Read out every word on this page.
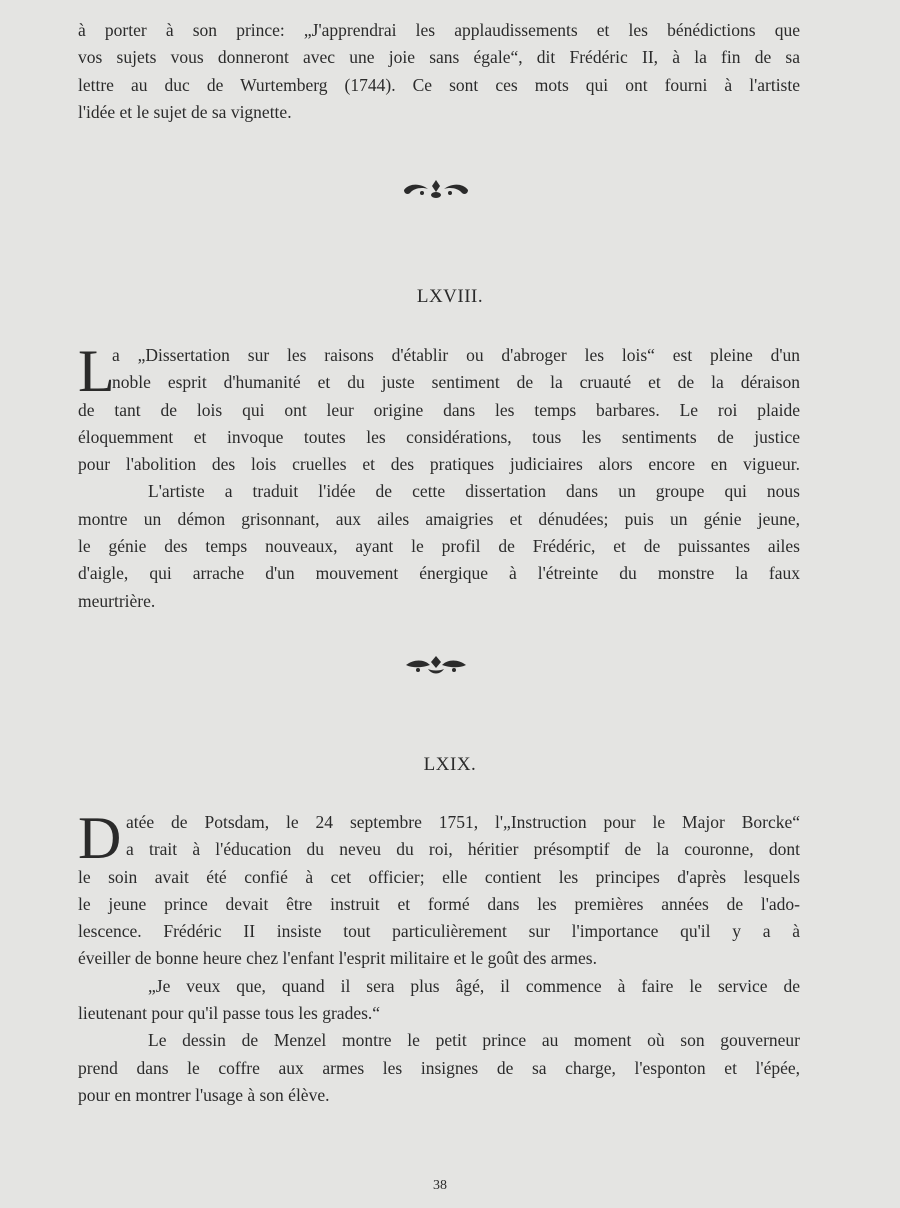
à porter à son prince: „J'apprendrai les applaudissements et les bénédictions que
vos sujets vous donneront avec une joie sans égale“, dit Frédéric II, à la fin de sa
lettre au duc de Wurtemberg (1744). Ce sont ces mots qui ont fourni à l'artiste
l'idée et le sujet de sa vignette.
LXVIII.
L
a „Dissertation sur les raisons d'établir ou d'abroger les lois“ est pleine d'un
noble esprit d'humanité et du juste sentiment de la cruauté et de la déraison
de tant de lois qui ont leur origine dans les temps barbares. Le roi plaide
éloquemment et invoque toutes les considérations, tous les sentiments de justice
pour l'abolition des lois cruelles et des pratiques judiciaires alors encore en vigueur.
L'artiste a traduit l'idée de cette dissertation dans un groupe qui nous
montre un démon grisonnant, aux ailes amaigries et dénudées; puis un génie jeune,
le génie des temps nouveaux, ayant le profil de Frédéric, et de puissantes ailes
d'aigle, qui arrache d'un mouvement énergique à l'étreinte du monstre la faux
meurtrière.
LXIX.
D atée de Potsdam, le 24 septembre 1751, l'„Instruction pour le Major Borcke“
a trait à l'éducation du neveu du roi, héritier présomptif de la couronne, dont
le soin avait été confié à cet officier; elle contient les principes d'après lesquels
le jeune prince devait être instruit et formé dans les premières années de l'ado-
lescence. Frédéric II insiste tout particulièrement sur l'importance qu'il y a à
éveiller de bonne heure chez l'enfant l'esprit militaire et le goût des armes.
„Je veux que, quand il sera plus âgé, il commence à faire le service de
lieutenant pour qu'il passe tous les grades.“
Le dessin de Menzel montre le petit prince au moment où son gouverneur
prend dans le coffre aux armes les insignes de sa charge, l'esponton et l'épée,
pour en montrer l'usage à son élève.
38
